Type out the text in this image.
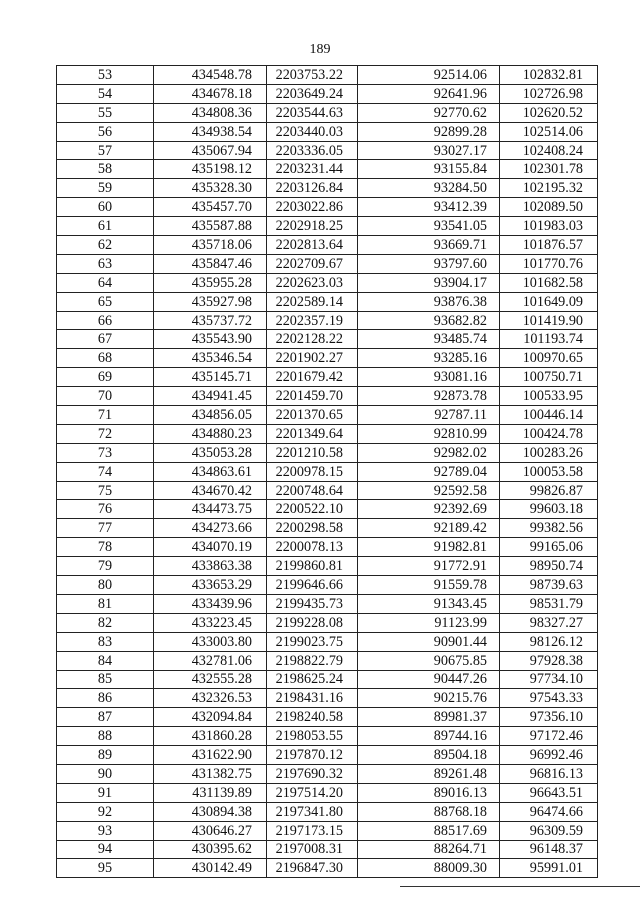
189
53	434548.78	2203753.22	92514.06	102832.81
54	434678.18	2203649.24	92641.96	102726.98
55	434808.36	2203544.63	92770.62	102620.52
56	434938.54	2203440.03	92899.28	102514.06
57	435067.94	2203336.05	93027.17	102408.24
58	435198.12	2203231.44	93155.84	102301.78
59	435328.30	2203126.84	93284.50	102195.32
60	435457.70	2203022.86	93412.39	102089.50
61	435587.88	2202918.25	93541.05	101983.03
62	435718.06	2202813.64	93669.71	101876.57
63	435847.46	2202709.67	93797.60	101770.76
64	435955.28	2202623.03	93904.17	101682.58
65	435927.98	2202589.14	93876.38	101649.09
66	435737.72	2202357.19	93682.82	101419.90
67	435543.90	2202128.22	93485.74	101193.74
68	435346.54	2201902.27	93285.16	100970.65
69	435145.71	2201679.42	93081.16	100750.71
70	434941.45	2201459.70	92873.78	100533.95
71	434856.05	2201370.65	92787.11	100446.14
72	434880.23	2201349.64	92810.99	100424.78
73	435053.28	2201210.58	92982.02	100283.26
74	434863.61	2200978.15	92789.04	100053.58
75	434670.42	2200748.64	92592.58	99826.87
76	434473.75	2200522.10	92392.69	99603.18
77	434273.66	2200298.58	92189.42	99382.56
78	434070.19	2200078.13	91982.81	99165.06
79	433863.38	2199860.81	91772.91	98950.74
80	433653.29	2199646.66	91559.78	98739.63
81	433439.96	2199435.73	91343.45	98531.79
82	433223.45	2199228.08	91123.99	98327.27
83	433003.80	2199023.75	90901.44	98126.12
84	432781.06	2198822.79	90675.85	97928.38
85	432555.28	2198625.24	90447.26	97734.10
86	432326.53	2198431.16	90215.76	97543.33
87	432094.84	2198240.58	89981.37	97356.10
88	431860.28	2198053.55	89744.16	97172.46
89	431622.90	2197870.12	89504.18	96992.46
90	431382.75	2197690.32	89261.48	96816.13
91	431139.89	2197514.20	89016.13	96643.51
92	430894.38	2197341.80	88768.18	96474.66
93	430646.27	2197173.15	88517.69	96309.59
94	430395.62	2197008.31	88264.71	96148.37
95	430142.49	2196847.30	88009.30	95991.01
